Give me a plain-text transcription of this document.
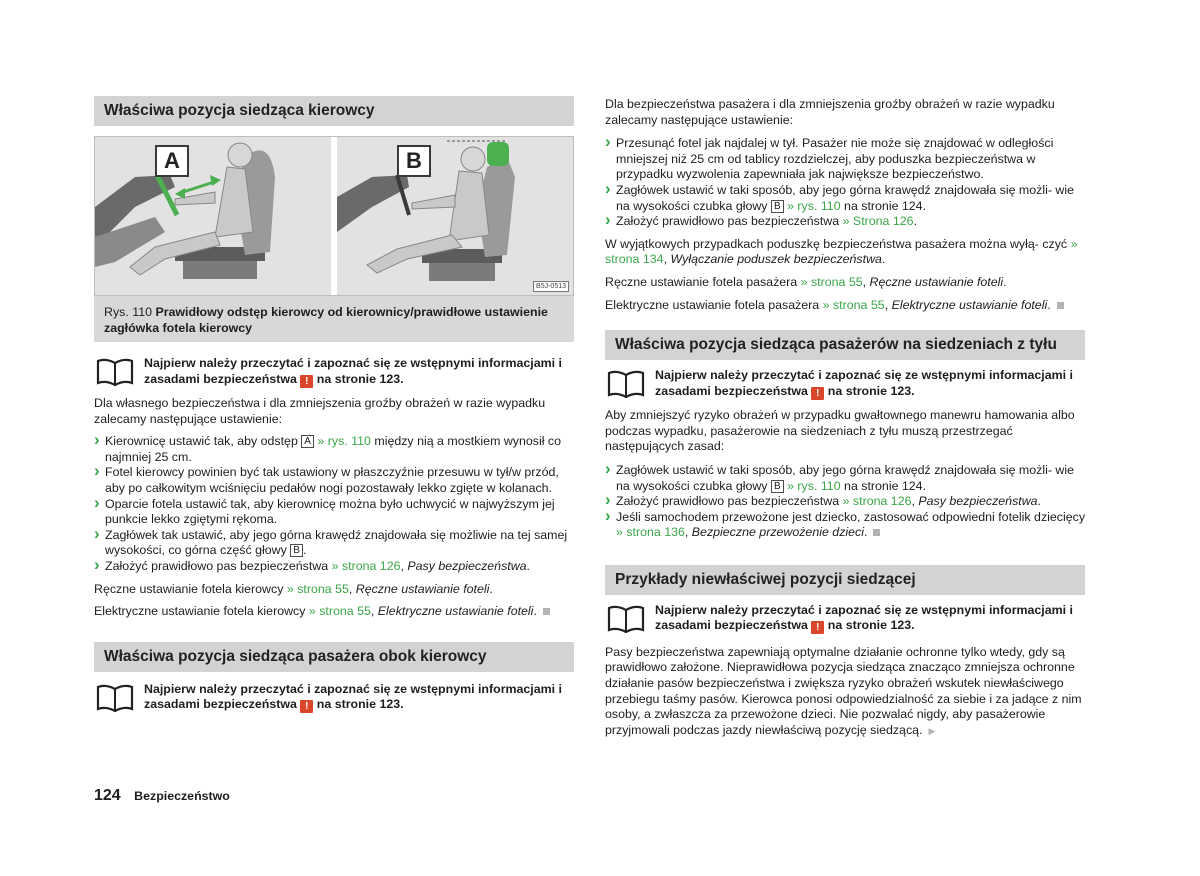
Właściwa pozycja siedząca kierowcy
A	B
B5J-0513
Rys. 110 Prawidłowy odstęp kierowcy od kierownicy/prawidłowe ustawienie zagłówka fotela kierowcy
Najpierw należy przeczytać i zapoznać się ze wstępnymi informacjami i zasadami bezpieczeństwa ! na stronie 123.

Dla własnego bezpieczeństwa i dla zmniejszenia groźby obrażeń w razie wypadku zalecamy następujące ustawienie:

› Kierownicę ustawić tak, aby odstęp A » rys. 110 między nią a mostkiem wynosił co najmniej 25 cm.
› Fotel kierowcy powinien być tak ustawiony w płaszczyźnie przesuwu w tył/w przód, aby po całkowitym wciśnięciu pedałów nogi pozostawały lekko zgięte w kolanach.
› Oparcie fotela ustawić tak, aby kierownicę można było uchwycić w najwyższym jej punkcie lekko zgiętymi rękoma.
› Zagłówek tak ustawić, aby jego górna krawędź znajdowała się możliwie na tej samej wysokości, co górna część głowy B .
› Założyć prawidłowo pas bezpieczeństwa » strona 126, Pasy bezpieczeństwa.

Ręczne ustawianie fotela kierowcy » strona 55, Ręczne ustawianie foteli.

Elektryczne ustawianie fotela kierowcy » strona 55, Elektryczne ustawianie foteli.

Właściwa pozycja siedząca pasażera obok kierowcy
Najpierw należy przeczytać i zapoznać się ze wstępnymi informacjami i zasadami bezpieczeństwa ! na stronie 123.

Dla bezpieczeństwa pasażera i dla zmniejszenia groźby obrażeń w razie wypadku zalecamy następujące ustawienie:

› Przesunąć fotel jak najdalej w tył. Pasażer nie może się znajdować w odległości mniejszej niż 25 cm od tablicy rozdzielczej, aby poduszka bezpieczeństwa w przypadku wyzwolenia zapewniała jak największe bezpieczeństwo.
› Zagłówek ustawić w taki sposób, aby jego górna krawędź znajdowała się możli- wie na wysokości czubka głowy B » rys. 110 na stronie 124.
› Założyć prawidłowo pas bezpieczeństwa » Strona 126.

W wyjątkowych przypadkach poduszkę bezpieczeństwa pasażera można wyłą- czyć » strona 134, Wyłączanie poduszek bezpieczeństwa.

Ręczne ustawianie fotela pasażera » strona 55, Ręczne ustawianie foteli.

Elektryczne ustawianie fotela pasażera » strona 55, Elektryczne ustawianie foteli.

Właściwa pozycja siedząca pasażerów na siedzeniach z tyłu
Najpierw należy przeczytać i zapoznać się ze wstępnymi informacjami i zasadami bezpieczeństwa ! na stronie 123.

Aby zmniejszyć ryzyko obrażeń w przypadku gwałtownego manewru hamowania albo podczas wypadku, pasażerowie na siedzeniach z tyłu muszą przestrzegać następujących zasad:

› Zagłówek ustawić w taki sposób, aby jego górna krawędź znajdowała się możli- wie na wysokości czubka głowy B » rys. 110 na stronie 124.
› Założyć prawidłowo pas bezpieczeństwa » strona 126, Pasy bezpieczeństwa.
› Jeśli samochodem przewożone jest dziecko, zastosować odpowiedni fotelik dziecięcy » strona 136, Bezpieczne przewożenie dzieci.
Przykłady niewłaściwej pozycji siedzącej
Najpierw należy przeczytać i zapoznać się ze wstępnymi informacjami i zasadami bezpieczeństwa ! na stronie 123.

Pasy bezpieczeństwa zapewniają optymalne działanie ochronne tylko wtedy, gdy są prawidłowo założone. Nieprawidłowa pozycja siedząca znacząco zmniejsza ochronne działanie pasów bezpieczeństwa i zwiększa ryzyko obrażeń wskutek niewłaściwego przebiegu taśmy pasów. Kierowca ponosi odpowiedzialność za siebie i za jadące z nim osoby, a zwłaszcza za przewożone dzieci. Nie pozwalać nigdy, aby pasażerowie przyjmowali podczas jazdy niewłaściwą pozycję siedzącą. ▶

124 Bezpieczeństwo
